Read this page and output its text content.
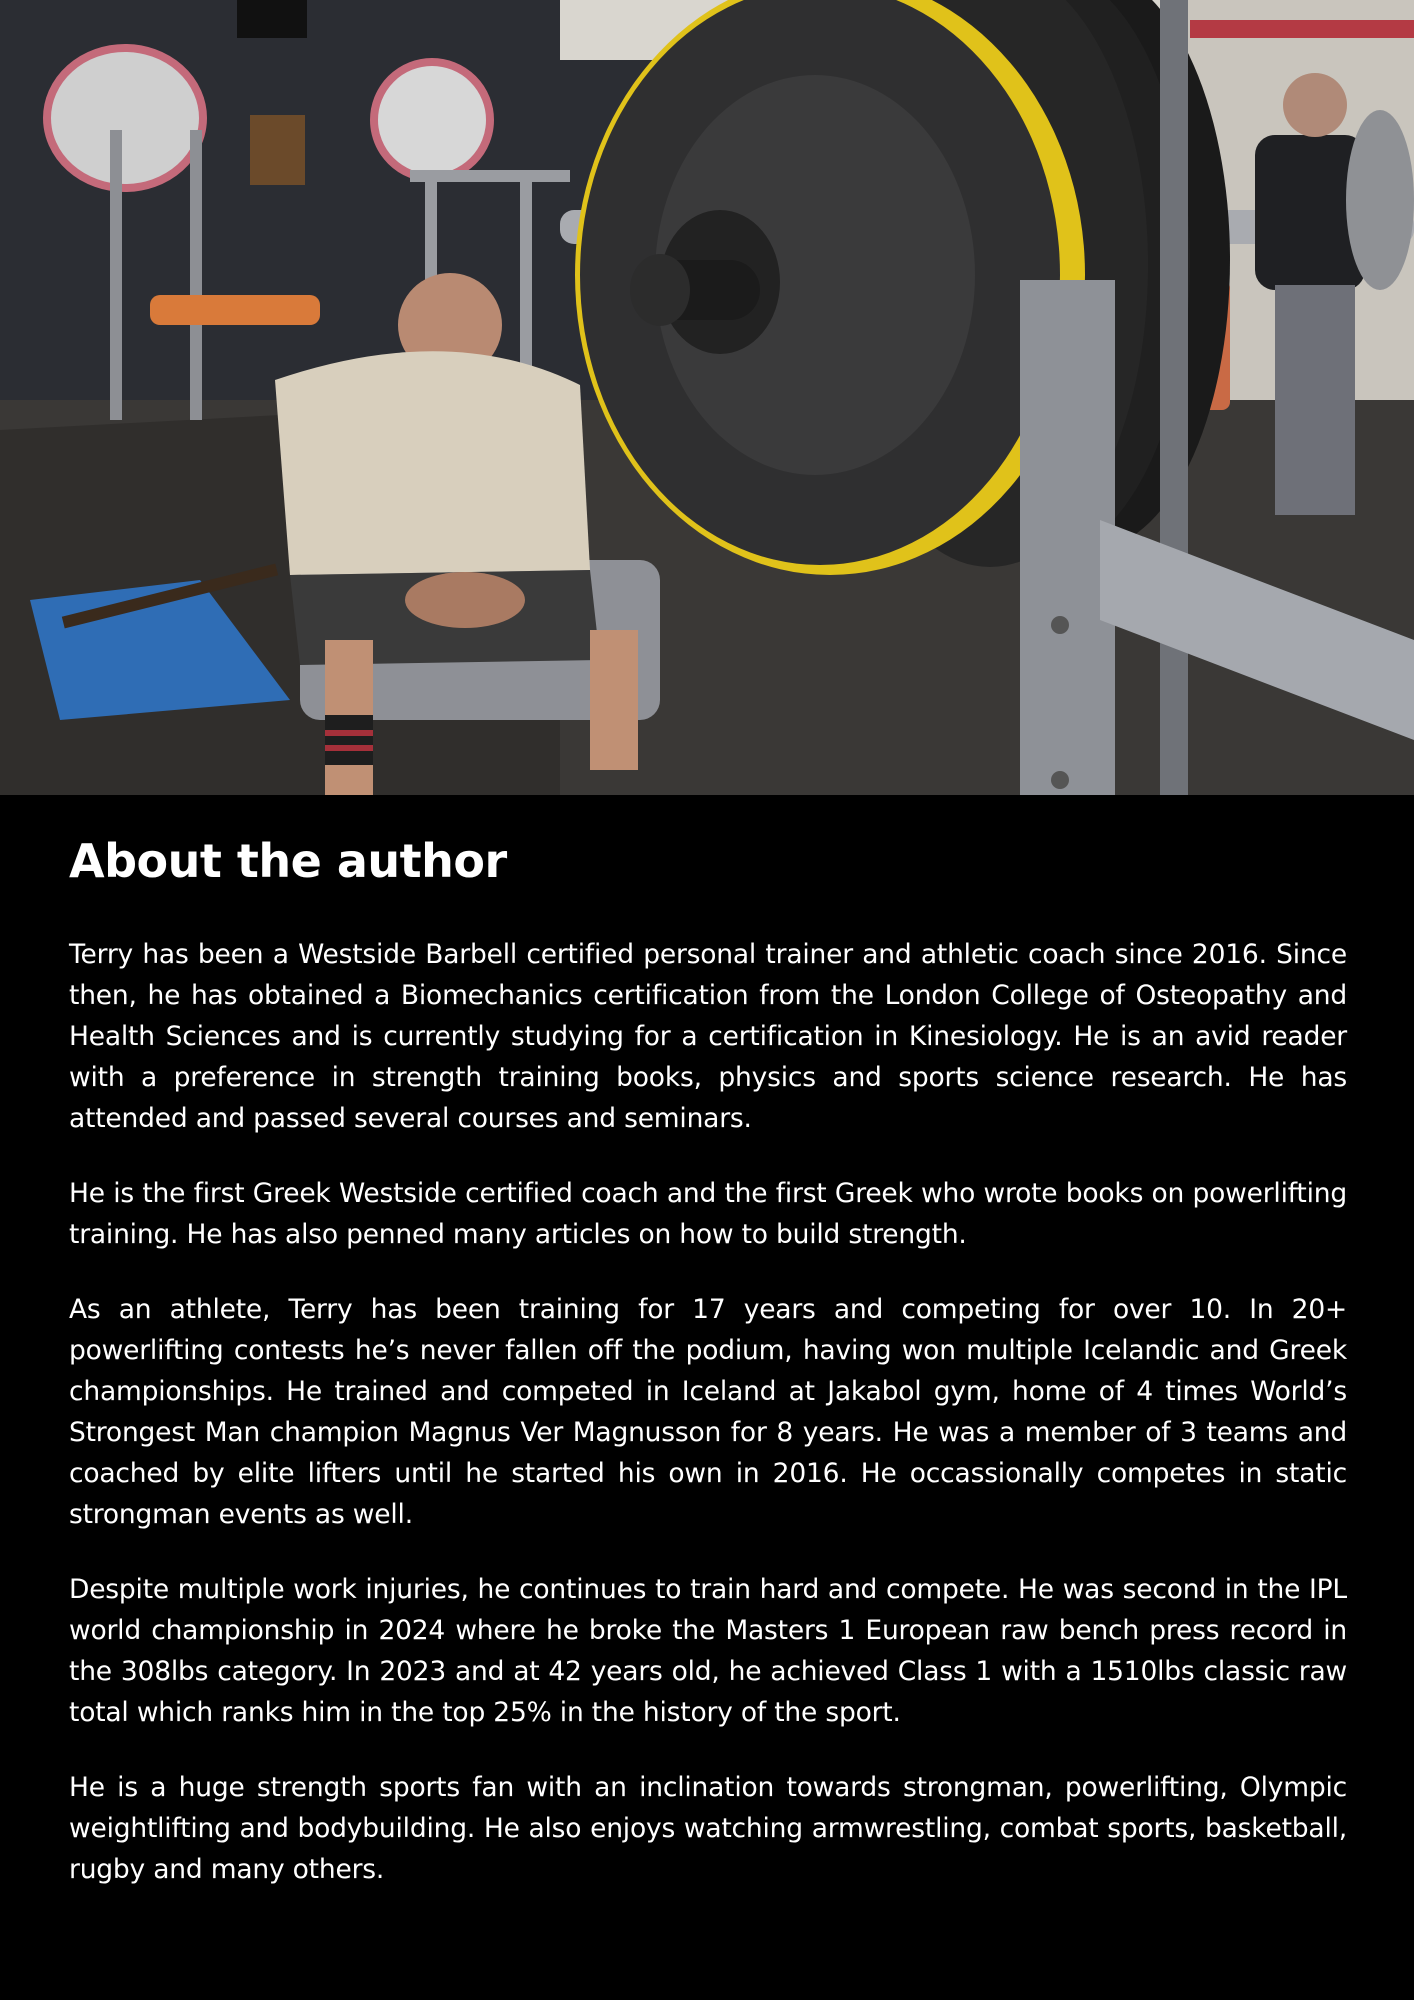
About the author

Terry has been a Westside Barbell certified personal trainer and athletic coach since 2016. Since then, he has obtained a Biomechanics certification from the London College of Osteopathy and Health Sciences and is currently studying for a certification in Kinesiology. He is an avid reader with a preference in strength training books, physics and sports science research. He has attended and passed several courses and seminars.

He is the first Greek Westside certified coach and the first Greek who wrote books on powerlifting training. He has also penned many articles on how to build strength.

As an athlete, Terry has been training for 17 years and competing for over 10. In 20+ powerlifting contests he’s never fallen off the podium, having won multiple Icelandic and Greek championships. He trained and competed in Iceland at Jakabol gym, home of 4 times World’s Strongest Man champion Magnus Ver Magnusson for 8 years. He was a member of 3 teams and coached by elite lifters until he started his own in 2016. He occassionally competes in static strongman events as well.

Despite multiple work injuries, he continues to train hard and compete. He was second in the IPL world championship in 2024 where he broke the Masters 1 European raw bench press record in the 308lbs category. In 2023 and at 42 years old, he achieved Class 1 with a 1510lbs classic raw total which ranks him in the top 25% in the history of the sport.

He is a huge strength sports fan with an inclination towards strongman, powerlifting, Olympic weightlifting and bodybuilding. He also enjoys watching armwrestling, combat sports, basketball, rugby and many others.
